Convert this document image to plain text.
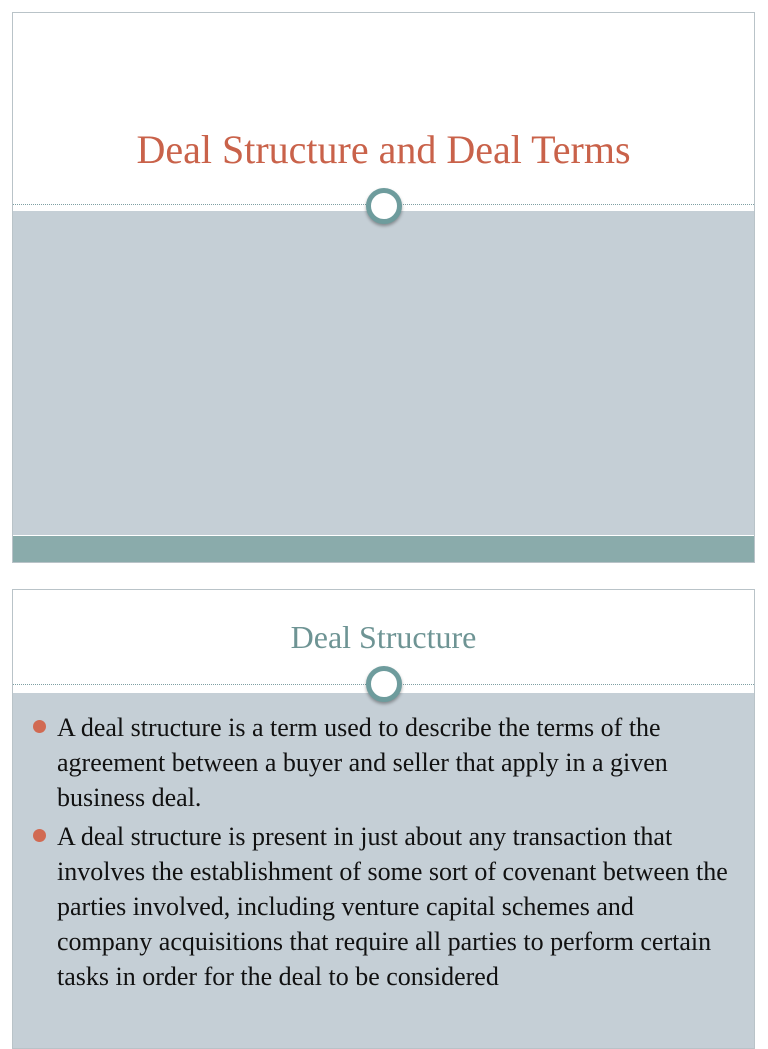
Deal Structure and Deal Terms
Deal Structure
A deal structure is a term used to describe the terms of the agreement between a buyer and seller that apply in a given business deal.
A deal structure is present in just about any transaction that involves the establishment of some sort of covenant between the parties involved, including venture capital schemes and company acquisitions that require all parties to perform certain tasks in order for the deal to be considered
